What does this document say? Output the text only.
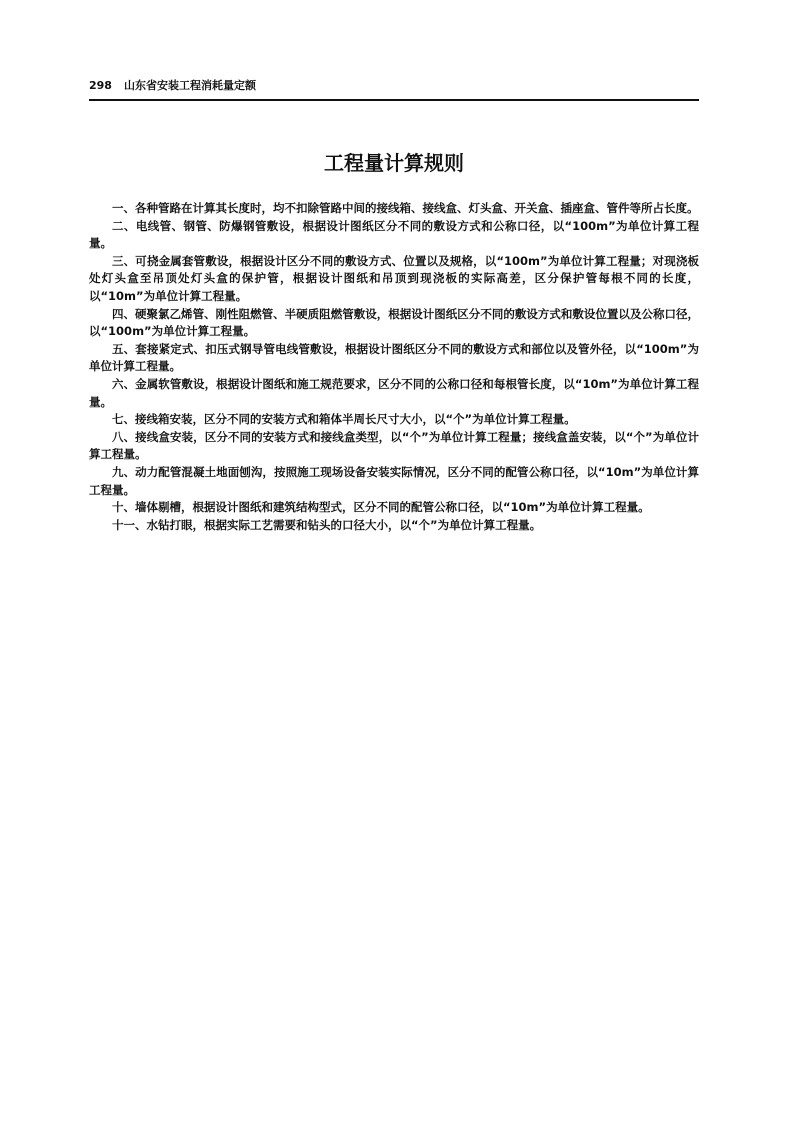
298 山东省安装工程消耗量定额
工程量计算规则

一、各种管路在计算其长度时，均不扣除管路中间的接线箱、接线盒、灯头盒、开关盒、插座盒、管件等所占长度。

二、电线管、钢管、防爆钢管敷设，根据设计图纸区分不同的敷设方式和公称口径，以“100m”为单位计算工程量。

三、可挠金属套管敷设，根据设计区分不同的敷设方式、位置以及规格，以“100m”为单位计算工程量；对现浇板处灯头盒至吊顶处灯头盒的保护管，根据设计图纸和吊顶到现浇板的实际高差，区分保护管每根不同的长度，以“10m”为单位计算工程量。

四、硬聚氯乙烯管、刚性阻燃管、半硬质阻燃管敷设，根据设计图纸区分不同的敷设方式和敷设位置以及公称口径，以“100m”为单位计算工程量。

五、套接紧定式、扣压式钢导管电线管敷设，根据设计图纸区分不同的敷设方式和部位以及管外径，以“100m”为单位计算工程量。

六、金属软管敷设，根据设计图纸和施工规范要求，区分不同的公称口径和每根管长度，以“10m”为单位计算工程量。

七、接线箱安装，区分不同的安装方式和箱体半周长尺寸大小，以“个”为单位计算工程量。

八、接线盒安装，区分不同的安装方式和接线盒类型，以“个”为单位计算工程量；接线盒盖安装，以“个”为单位计算工程量。

九、动力配管混凝土地面刨沟，按照施工现场设备安装实际情况，区分不同的配管公称口径，以“10m”为单位计算工程量。

十、墙体剔槽，根据设计图纸和建筑结构型式，区分不同的配管公称口径，以“10m”为单位计算工程量。

十一、水钻打眼，根据实际工艺需要和钻头的口径大小，以“个”为单位计算工程量。
